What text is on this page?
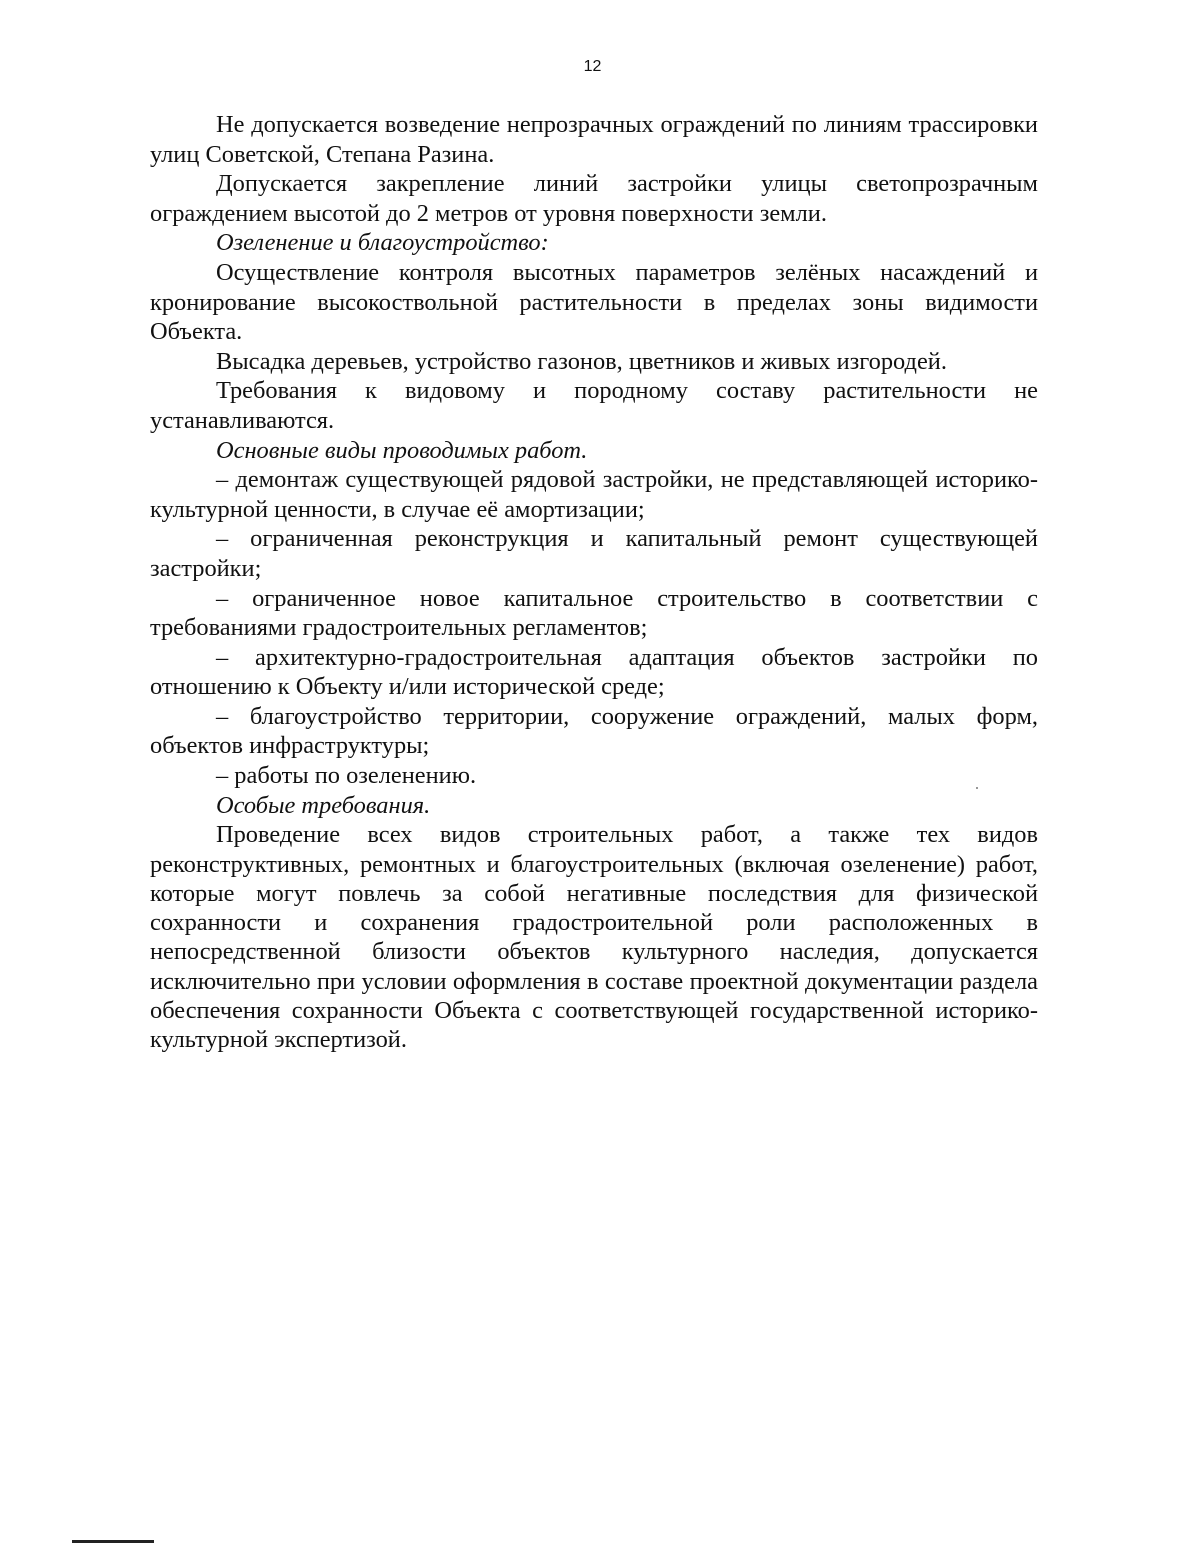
12

Не допускается возведение непрозрачных ограждений по линиям трассировки улиц Советской, Степана Разина.

Допускается закрепление линий застройки улицы светопрозрачным ограждением высотой до 2 метров от уровня поверхности земли.

Озеленение и благоустройство:

Осуществление контроля высотных параметров зелёных насаждений и кронирование высокоствольной растительности в пределах зоны видимости Объекта.

Высадка деревьев, устройство газонов, цветников и живых изгородей.

Требования к видовому и породному составу растительности не устанавливаются.

Основные виды проводимых работ.

– демонтаж существующей рядовой застройки, не представляющей историко-культурной ценности, в случае её амортизации;

– ограниченная реконструкция и капитальный ремонт существующей застройки;

– ограниченное новое капитальное строительство в соответствии с требованиями градостроительных регламентов;

– архитектурно-градостроительная адаптация объектов застройки по отношению к Объекту и/или исторической среде;

– благоустройство территории, сооружение ограждений, малых форм, объектов инфраструктуры;

– работы по озеленению.

Особые требования.

Проведение всех видов строительных работ, а также тех видов реконструктивных, ремонтных и благоустроительных (включая озеленение) работ, которые могут повлечь за собой негативные последствия для физической сохранности и сохранения градостроительной роли расположенных в непосредственной близости объектов культурного наследия, допускается исключительно при условии оформления в составе проектной документации раздела обеспечения сохранности Объекта с соответствующей государственной историко-культурной экспертизой.
